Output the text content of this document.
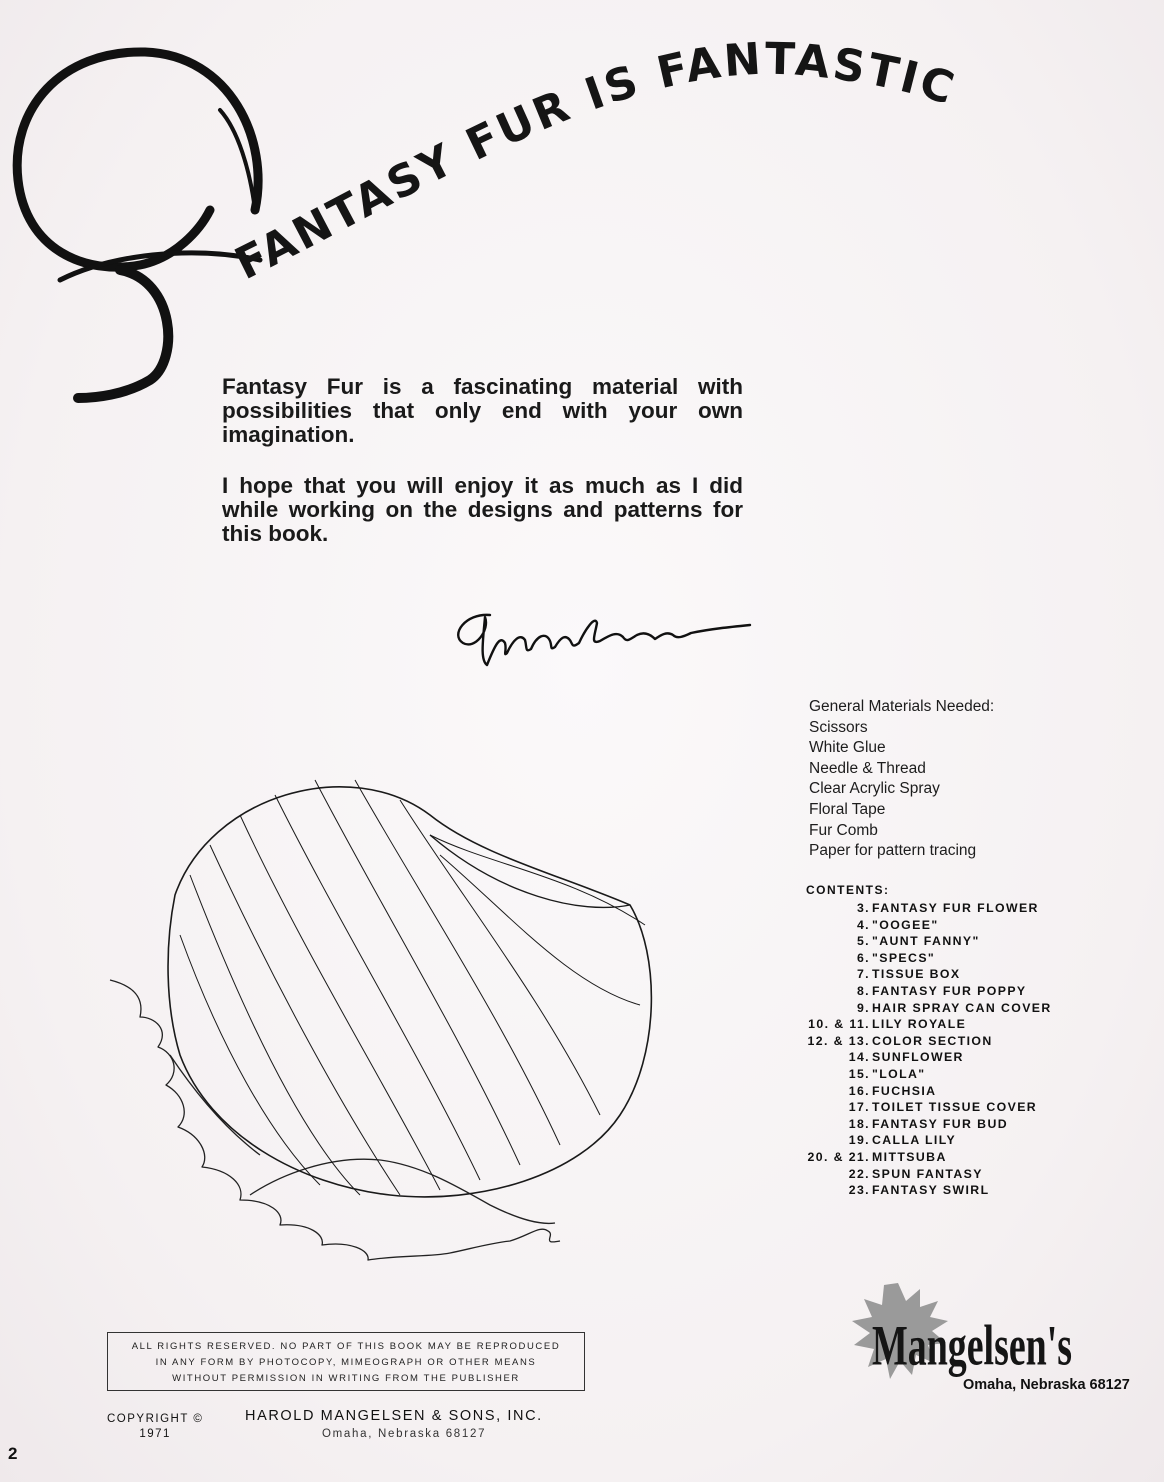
FANTASY FUR IS FANTASTIC
Fantasy Fur is a fascinating material with possibilities that only end with your own imagination.
I hope that you will enjoy it as much as I did while working on the designs and patterns for this book.
General Materials Needed:
Scissors
White Glue
Needle & Thread
Clear Acrylic Spray
Floral Tape
Fur Comb
Paper for pattern tracing
CONTENTS:
3. FANTASY FUR FLOWER
4. "OOGEE"
5. "AUNT FANNY"
6. "SPECS"
7. TISSUE BOX
8. FANTASY FUR POPPY
9. HAIR SPRAY CAN COVER
10. & 11. LILY ROYALE
12. & 13. COLOR SECTION
14. SUNFLOWER
15. "LOLA"
16. FUCHSIA
17. TOILET TISSUE COVER
18. FANTASY FUR BUD
19. CALLA LILY
20. & 21. MITTSUBA
22. SPUN FANTASY
23. FANTASY SWIRL
ALL RIGHTS RESERVED. NO PART OF THIS BOOK MAY BE REPRODUCED
IN ANY FORM BY PHOTOCOPY, MIMEOGRAPH OR OTHER MEANS
WITHOUT PERMISSION IN WRITING FROM THE PUBLISHER
COPYRIGHT ©
1971
HAROLD MANGELSEN & SONS, INC.
Omaha, Nebraska 68127
Mangelsen's
Omaha, Nebraska 68127
2
